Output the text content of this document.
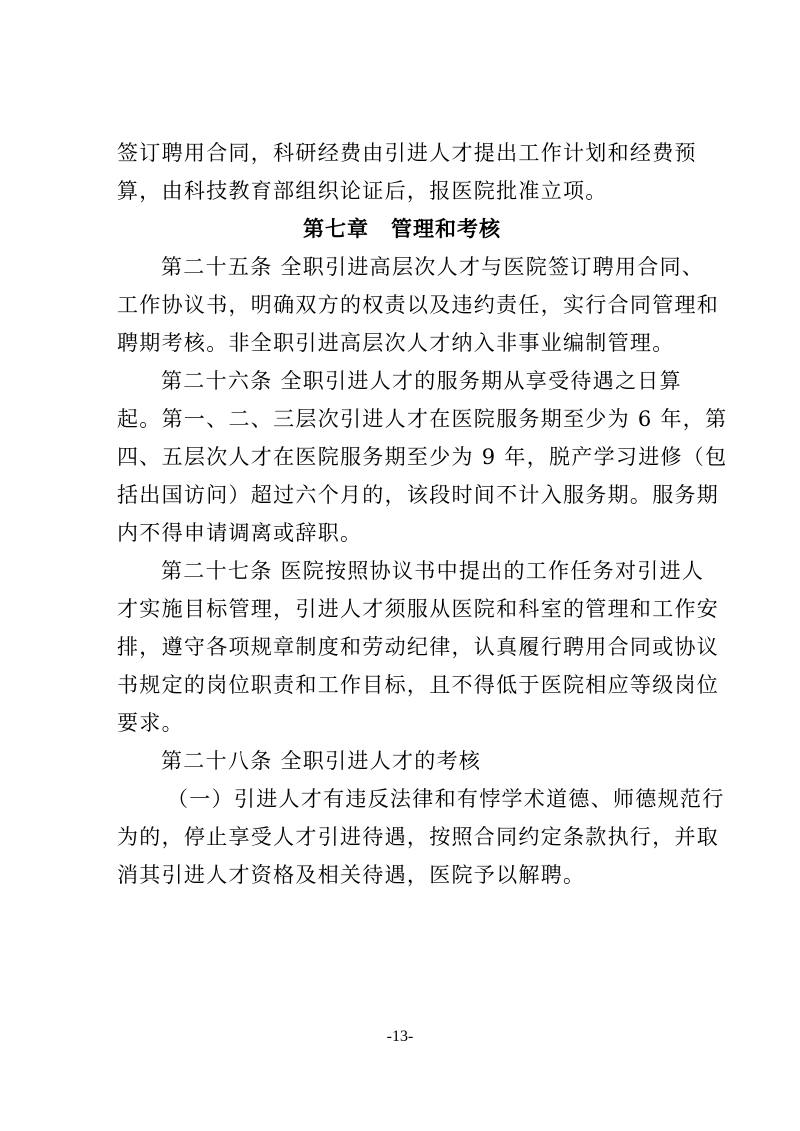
签订聘用合同，科研经费由引进人才提出工作计划和经费预
算，由科技教育部组织论证后，报医院批准立项。
第七章 管理和考核
第二十五条 全职引进高层次人才与医院签订聘用合同、
工作协议书，明确双方的权责以及违约责任，实行合同管理和
聘期考核。非全职引进高层次人才纳入非事业编制管理。
第二十六条 全职引进人才的服务期从享受待遇之日算
起。第一、二、三层次引进人才在医院服务期至少为 6 年，第
四、五层次人才在医院服务期至少为 9 年，脱产学习进修（包
括出国访问）超过六个月的，该段时间不计入服务期。服务期
内不得申请调离或辞职。
第二十七条 医院按照协议书中提出的工作任务对引进人
才实施目标管理，引进人才须服从医院和科室的管理和工作安
排，遵守各项规章制度和劳动纪律，认真履行聘用合同或协议
书规定的岗位职责和工作目标，且不得低于医院相应等级岗位
要求。
第二十八条 全职引进人才的考核
（一）引进人才有违反法律和有悖学术道德、师德规范行
为的，停止享受人才引进待遇，按照合同约定条款执行，并取
消其引进人才资格及相关待遇，医院予以解聘。
-13-
